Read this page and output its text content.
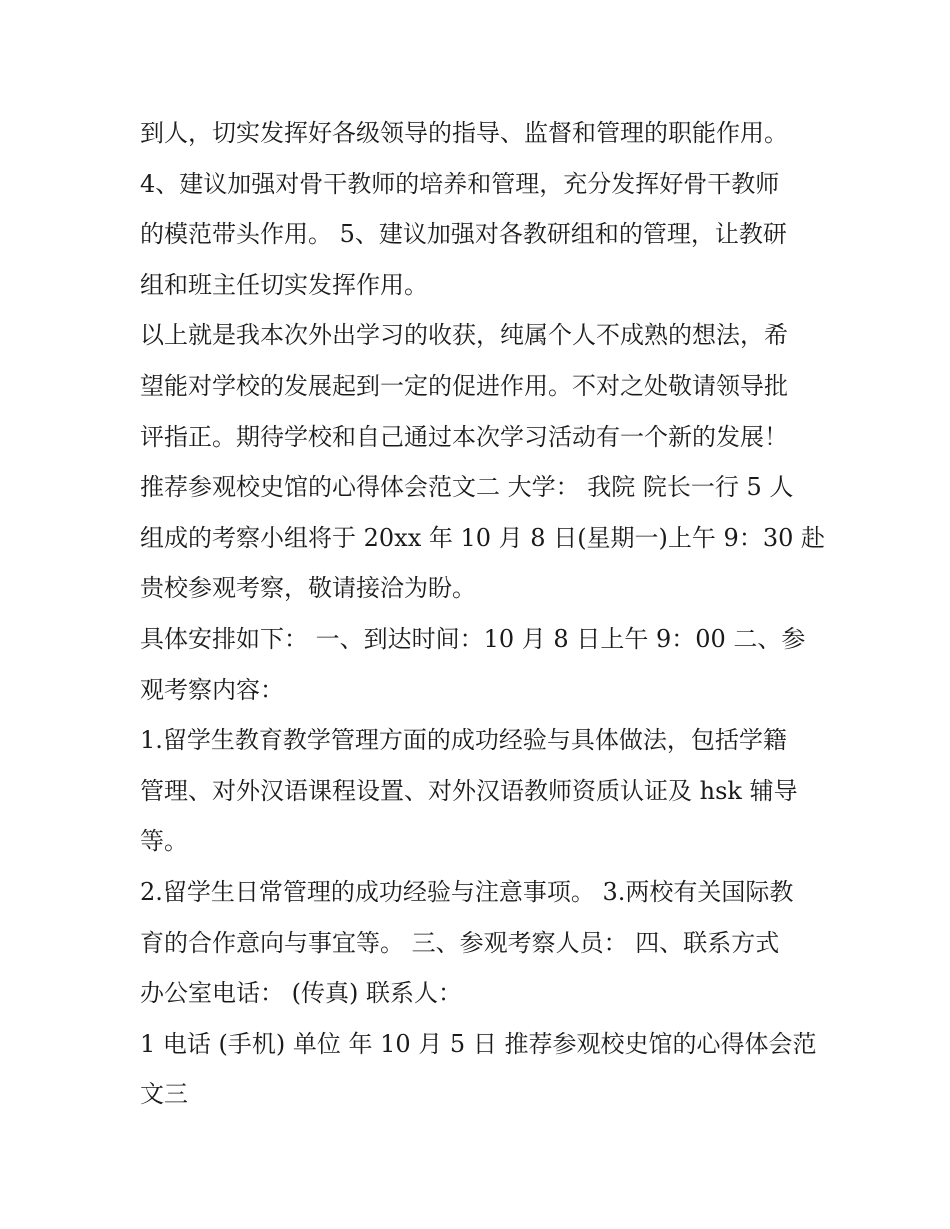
到人，切实发挥好各级领导的指导、监督和管理的职能作用。
4、建议加强对骨干教师的培养和管理，充分发挥好骨干教师
的模范带头作用。 5、建议加强对各教研组和的管理，让教研
组和班主任切实发挥作用。
以上就是我本次外出学习的收获，纯属个人不成熟的想法，希
望能对学校的发展起到一定的促进作用。不对之处敬请领导批
评指正。期待学校和自己通过本次学习活动有一个新的发展！
推荐参观校史馆的心得体会范文二 大学： 我院 院长一行 5 人
组成的考察小组将于 20xx 年 10 月 8 日(星期一)上午 9：30 赴
贵校参观考察，敬请接洽为盼。
具体安排如下： 一、到达时间：10 月 8 日上午 9：00 二、参
观考察内容：
1.留学生教育教学管理方面的成功经验与具体做法，包括学籍
管理、对外汉语课程设置、对外汉语教师资质认证及 hsk 辅导
等。
2.留学生日常管理的成功经验与注意事项。 3.两校有关国际教
育的合作意向与事宜等。 三、参观考察人员： 四、联系方式
办公室电话： (传真) 联系人：
1 电话 (手机) 单位 年 10 月 5 日 推荐参观校史馆的心得体会范
文三
